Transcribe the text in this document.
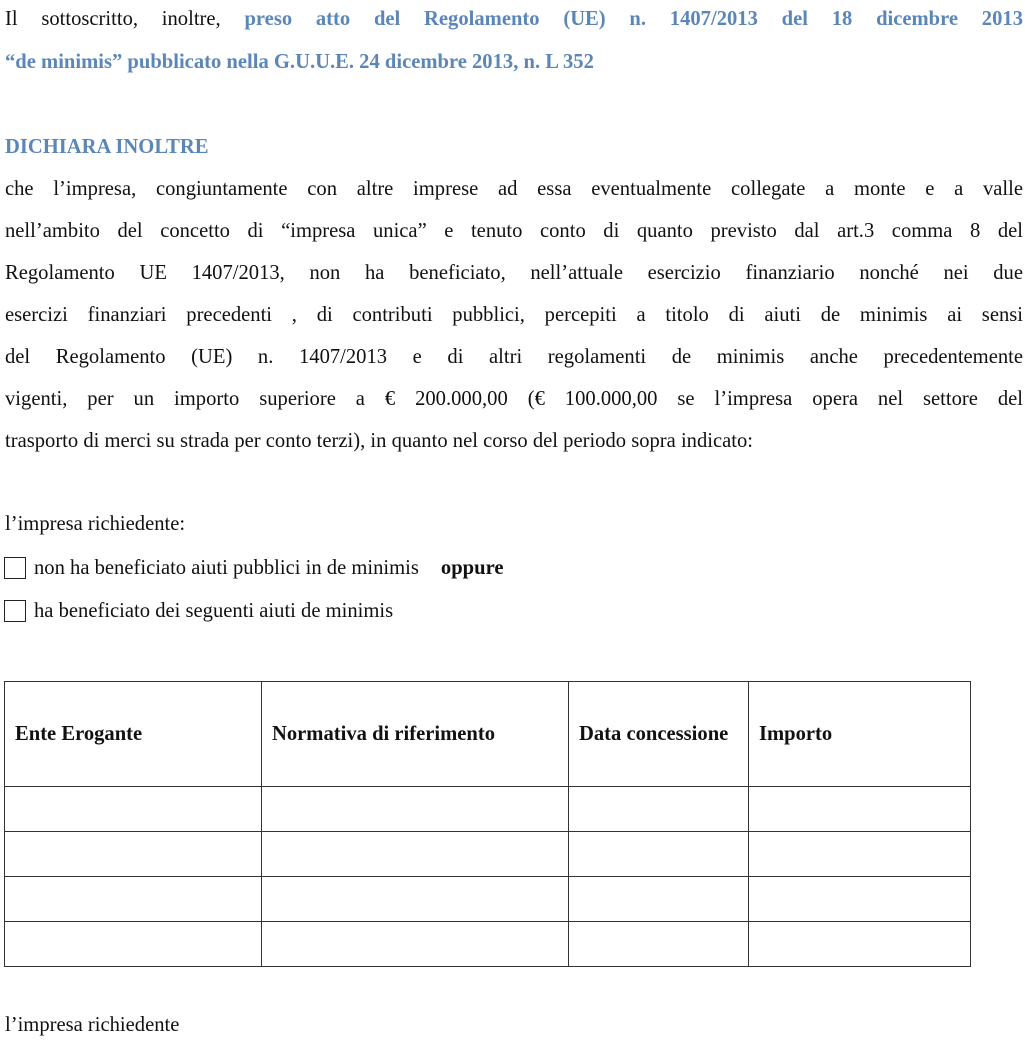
Il sottoscritto, inoltre, preso atto del Regolamento (UE) n. 1407/2013 del 18 dicembre 2013
“de minimis” pubblicato nella G.U.U.E. 24 dicembre 2013, n. L 352
DICHIARA INOLTRE
che l’impresa, congiuntamente con altre imprese ad essa eventualmente collegate a monte e a valle
nell’ambito del concetto di “impresa unica” e tenuto conto di quanto previsto dal art.3 comma 8 del
Regolamento UE 1407/2013, non ha beneficiato, nell’attuale esercizio finanziario nonché nei due
esercizi finanziari precedenti , di contributi pubblici, percepiti a titolo di aiuti de minimis ai sensi
del Regolamento (UE) n. 1407/2013 e di altri regolamenti de minimis anche precedentemente
vigenti, per un importo superiore a € 200.000,00 (€ 100.000,00 se l’impresa opera nel settore del
trasporto di merci su strada per conto terzi), in quanto nel corso del periodo sopra indicato:
l’impresa richiedente:
non ha beneficiato aiuti pubblici in de minimis oppure
ha beneficiato dei seguenti aiuti de minimis
Ente Erogante	Normativa di riferimento	Data concessione	Importo

l’impresa richiedente
